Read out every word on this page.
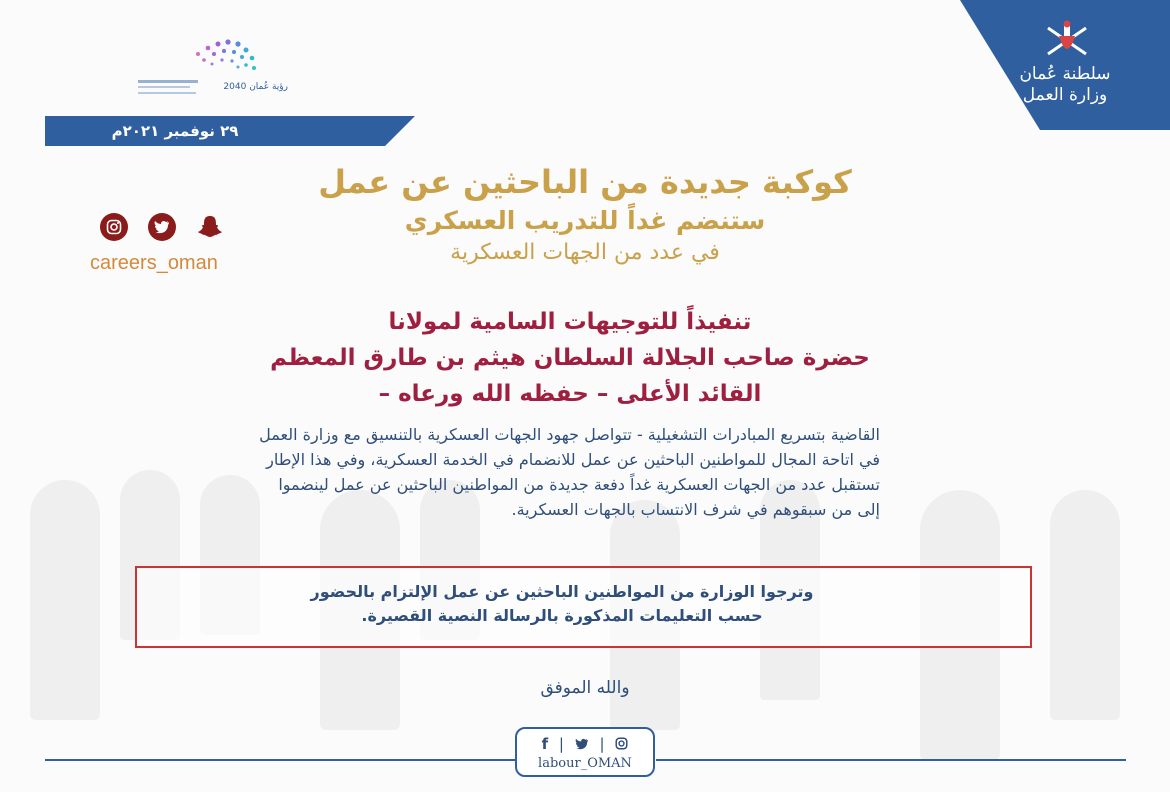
سلطنة عُمان
وزارة العمل
رؤية عُمان 2040
٢٩ نوفمبر ٢٠٢١م
careers_oman
كوكبة جديدة من الباحثين عن عمل
ستنضم غداً للتدريب العسكري
في عدد من الجهات العسكرية
تنفيذاً للتوجيهات السامية لمولانا
حضرة صاحب الجلالة السلطان هيثم بن طارق المعظم
القائد الأعلى – حفظه الله ورعاه –
القاضية بتسريع المبادرات التشغيلية - تتواصل جهود الجهات العسكرية بالتنسيق مع وزارة العمل
في اتاحة المجال للمواطنين الباحثين عن عمل للانضمام في الخدمة العسكرية، وفي هذا الإطار
تستقبل عدد من الجهات العسكرية غداً دفعة جديدة من المواطنين الباحثين عن عمل لينضموا
إلى من سبقوهم في شرف الانتساب بالجهات العسكرية.
وترجوا الوزارة من المواطنين الباحثين عن عمل الإلتزام بالحضور
حسب التعليمات المذكورة بالرسالة النصية القصيرة.
والله الموفق
f | |
labour_OMAN
